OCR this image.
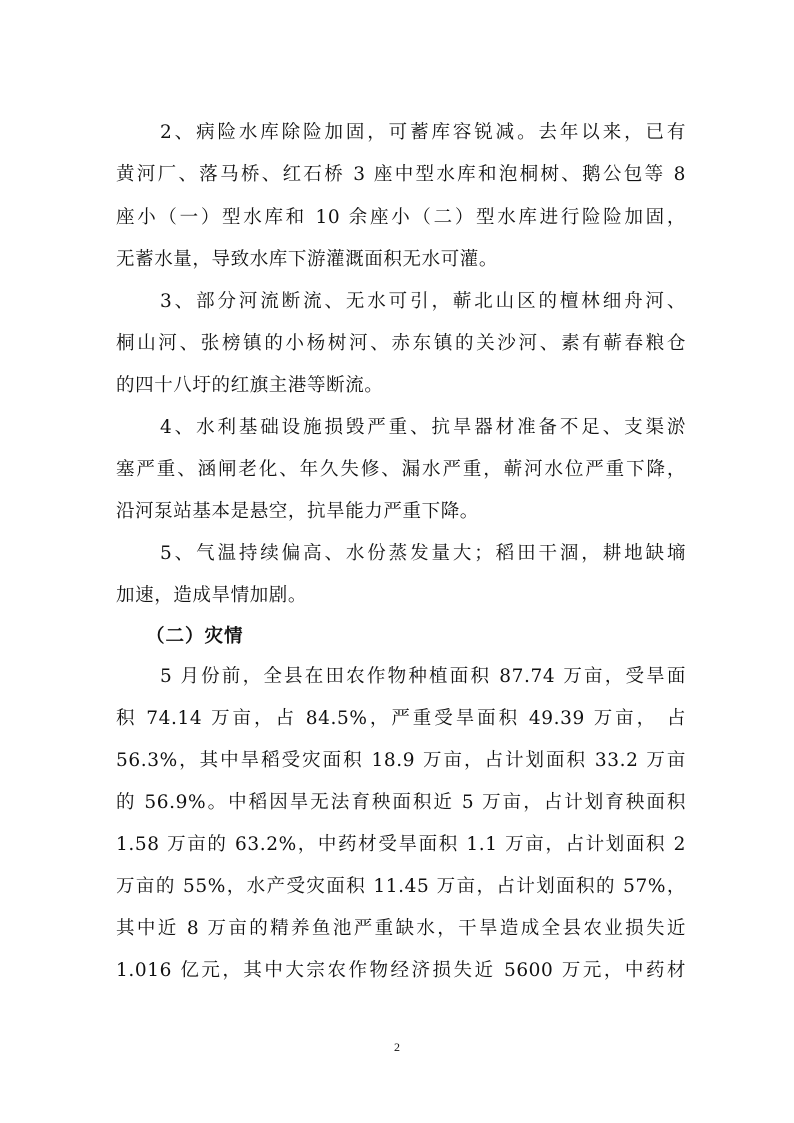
2、病险水库除险加固，可蓄库容锐减。去年以来，已有
黄河厂、落马桥、红石桥 3 座中型水库和泡桐树、鹅公包等 8
座小（一）型水库和 10 余座小（二）型水库进行险险加固，
无蓄水量，导致水库下游灌溉面积无水可灌。
3、部分河流断流、无水可引，蕲北山区的檀林细舟河、
桐山河、张榜镇的小杨树河、赤东镇的关沙河、素有蕲春粮仓
的四十八圩的红旗主港等断流。
4、水利基础设施损毁严重、抗旱器材准备不足、支渠淤
塞严重、涵闸老化、年久失修、漏水严重，蕲河水位严重下降，
沿河泵站基本是悬空，抗旱能力严重下降。
5、气温持续偏高、水份蒸发量大；稻田干涸，耕地缺墒
加速，造成旱情加剧。
（二）灾情
5 月份前，全县在田农作物种植面积 87.74 万亩，受旱面
积 74.14 万亩，占 84.5%，严重受旱面积 49.39 万亩， 占
56.3%，其中旱稻受灾面积 18.9 万亩，占计划面积 33.2 万亩
的 56.9%。中稻因旱无法育秧面积近 5 万亩，占计划育秧面积
1.58 万亩的 63.2%，中药材受旱面积 1.1 万亩，占计划面积 2
万亩的 55%，水产受灾面积 11.45 万亩，占计划面积的 57%，
其中近 8 万亩的精养鱼池严重缺水，干旱造成全县农业损失近
1.016 亿元，其中大宗农作物经济损失近 5600 万元，中药材
2
